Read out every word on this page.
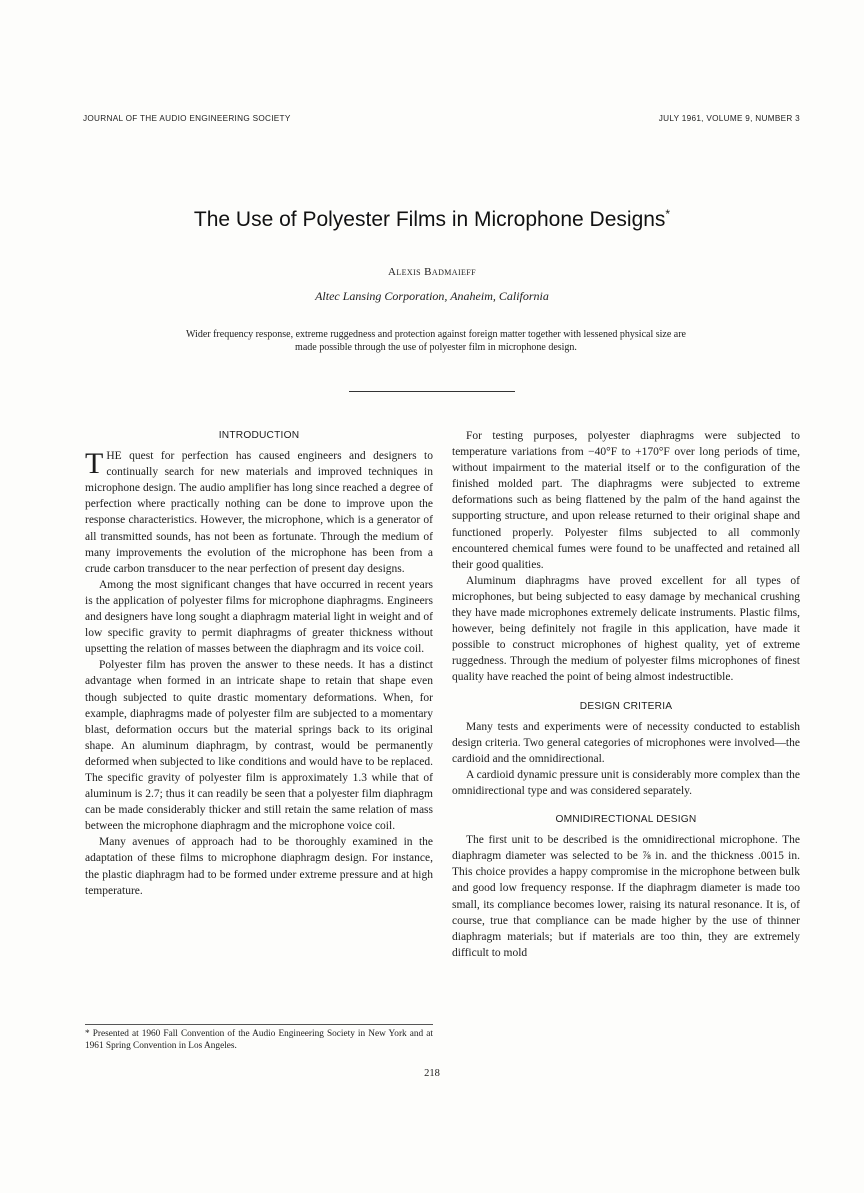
JOURNAL OF THE AUDIO ENGINEERING SOCIETY	JULY 1961, VOLUME 9, NUMBER 3
The Use of Polyester Films in Microphone Designs*
Alexis Badmaieff
Altec Lansing Corporation, Anaheim, California
Wider frequency response, extreme ruggedness and protection against foreign matter together with lessened physical size are made possible through the use of polyester film in microphone design.
INTRODUCTION

THE quest for perfection has caused engineers and designers to continually search for new materials and improved techniques in microphone design. The audio amplifier has long since reached a degree of perfection where practically nothing can be done to improve upon the response characteristics. However, the microphone, which is a generator of all transmitted sounds, has not been as fortunate. Through the medium of many improvements the evolution of the microphone has been from a crude carbon transducer to the near perfection of present day designs.

Among the most significant changes that have occurred in recent years is the application of polyester films for microphone diaphragms. Engineers and designers have long sought a diaphragm material light in weight and of low specific gravity to permit diaphragms of greater thickness without upsetting the relation of masses between the diaphragm and its voice coil.

Polyester film has proven the answer to these needs. It has a distinct advantage when formed in an intricate shape to retain that shape even though subjected to quite drastic momentary deformations. When, for example, diaphragms made of polyester film are subjected to a momentary blast, deformation occurs but the material springs back to its original shape. An aluminum diaphragm, by contrast, would be permanently deformed when subjected to like conditions and would have to be replaced. The specific gravity of polyester film is approximately 1.3 while that of aluminum is 2.7; thus it can readily be seen that a polyester film diaphragm can be made considerably thicker and still retain the same relation of mass between the microphone diaphragm and the microphone voice coil.

Many avenues of approach had to be thoroughly examined in the adaptation of these films to microphone diaphragm design. For instance, the plastic diaphragm had to be formed under extreme pressure and at high temperature.

For testing purposes, polyester diaphragms were subjected to temperature variations from −40°F to +170°F over long periods of time, without impairment to the material itself or to the configuration of the finished molded part. The diaphragms were subjected to extreme deformations such as being flattened by the palm of the hand against the supporting structure, and upon release returned to their original shape and functioned properly. Polyester films subjected to all commonly encountered chemical fumes were found to be unaffected and retained all their good qualities.

Aluminum diaphragms have proved excellent for all types of microphones, but being subjected to easy damage by mechanical crushing they have made microphones extremely delicate instruments. Plastic films, however, being definitely not fragile in this application, have made it possible to construct microphones of highest quality, yet of extreme ruggedness. Through the medium of polyester films microphones of finest quality have reached the point of being almost indestructible.

DESIGN CRITERIA

Many tests and experiments were of necessity conducted to establish design criteria. Two general categories of microphones were involved—the cardioid and the omnidirectional.

A cardioid dynamic pressure unit is considerably more complex than the omnidirectional type and was considered separately.

OMNIDIRECTIONAL DESIGN

The first unit to be described is the omnidirectional microphone. The diaphragm diameter was selected to be ⅞ in. and the thickness .0015 in. This choice provides a happy compromise in the microphone between bulk and good low frequency response. If the diaphragm diameter is made too small, its compliance becomes lower, raising its natural resonance. It is, of course, true that compliance can be made higher by the use of thinner diaphragm materials; but if materials are too thin, they are extremely difficult to mold

* Presented at 1960 Fall Convention of the Audio Engineering Society in New York and at 1961 Spring Convention in Los Angeles.
218
